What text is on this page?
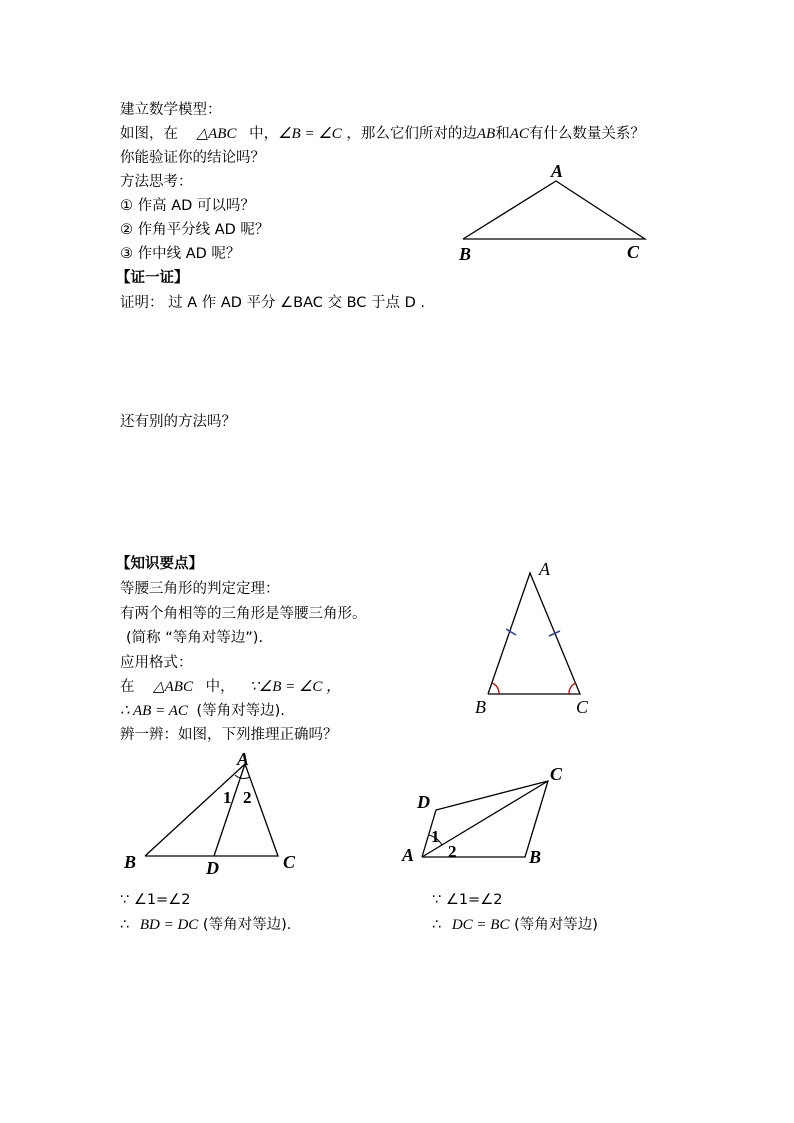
建立数学模型：
如图，在 △ABC 中，∠B = ∠C ，那么它们所对的边AB和AC有什么数量关系？
你能验证你的结论吗？
方法思考：
① 作高 AD 可以吗？
② 作角平分线 AD 呢？
③ 作中线 AD 呢？
A
B	C
【证一证】
证明： 过 A 作 AD 平分 ∠BAC 交 BC 于点 D .
还有别的方法吗？
【知识要点】
等腰三角形的判定定理：
有两个角相等的三角形是等腰三角形。
(简称 “等角对等边”).
应用格式：
在 △ABC 中， ∵∠B = ∠C ，
∴ AB = AC (等角对等边).
辨一辨：如图，下列推理正确吗？
A
B	C
A
B	C
D
1 2
C
D
A	B
1
2
∵ ∠1=∠2
∴ BD = DC (等角对等边).
∵ ∠1=∠2
∴ DC = BC (等角对等边)
